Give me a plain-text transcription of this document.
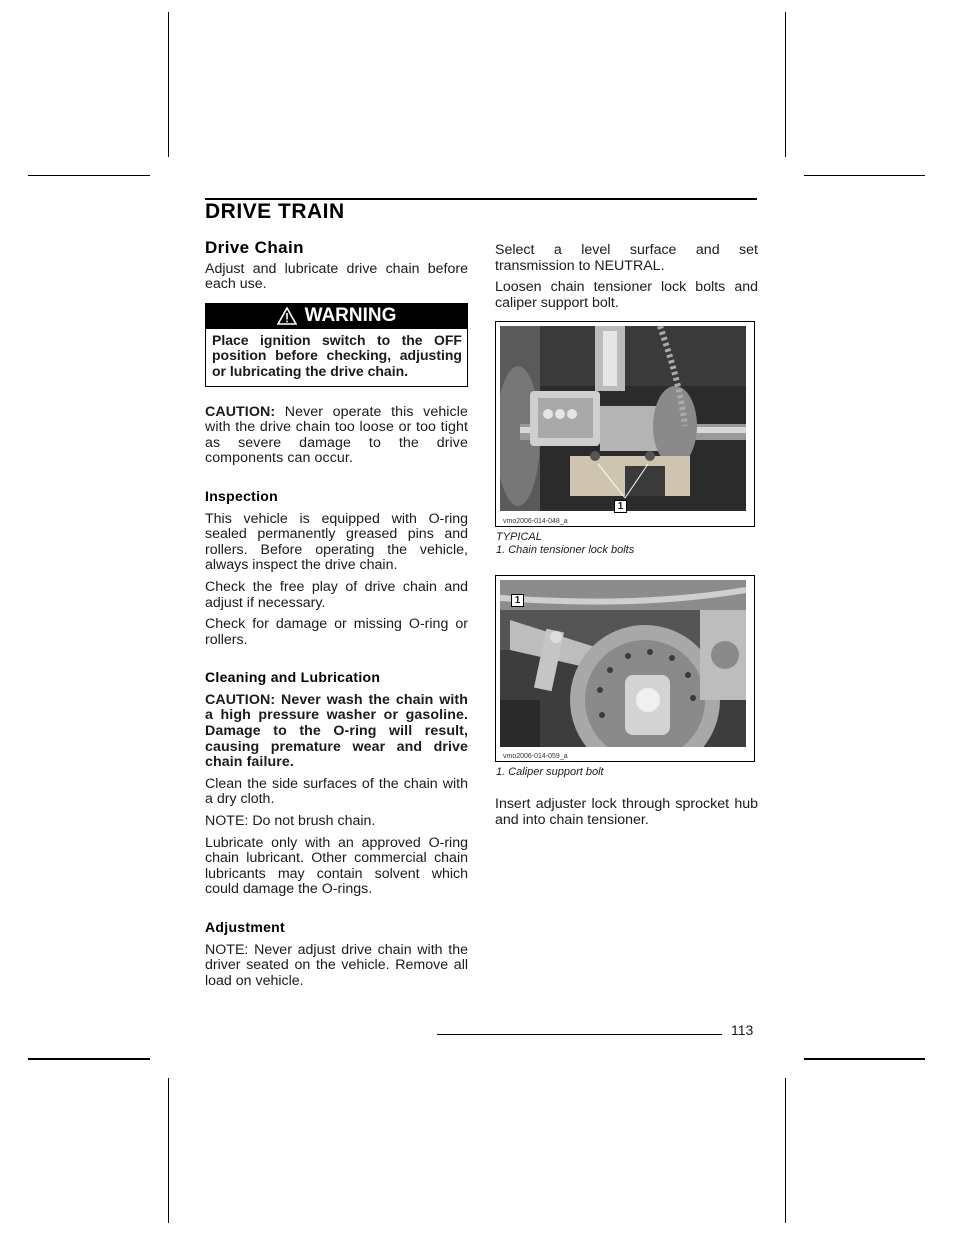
DRIVE TRAIN
Drive Chain

Adjust and lubricate drive chain before each use.

WARNING
Place ignition switch to the OFF position before checking, adjusting or lubricating the drive chain.

CAUTION: Never operate this vehicle with the drive chain too loose or too tight as severe damage to the drive components can occur.

Inspection

This vehicle is equipped with O-ring sealed permanently greased pins and rollers. Before operating the vehicle, always inspect the drive chain.

Check the free play of drive chain and adjust if necessary.

Check for damage or missing O-ring or rollers.

Cleaning and Lubrication

CAUTION: Never wash the chain with a high pressure washer or gasoline. Damage to the O-ring will result, causing premature wear and drive chain failure.

Clean the side surfaces of the chain with a dry cloth.

NOTE: Do not brush chain.

Lubricate only with an approved O-ring chain lubricant. Other commercial chain lubricants may contain solvent which could damage the O-rings.

Adjustment

NOTE: Never adjust drive chain with the driver seated on the vehicle. Remove all load on vehicle.

Select a level surface and set transmission to NEUTRAL.

Loosen chain tensioner lock bolts and caliper support bolt.

1
vmo2006-014-048_a
TYPICAL
1. Chain tensioner lock bolts
1
vmo2006-014-059_a
1. Caliper support bolt

Insert adjuster lock through sprocket hub and into chain tensioner.

113
